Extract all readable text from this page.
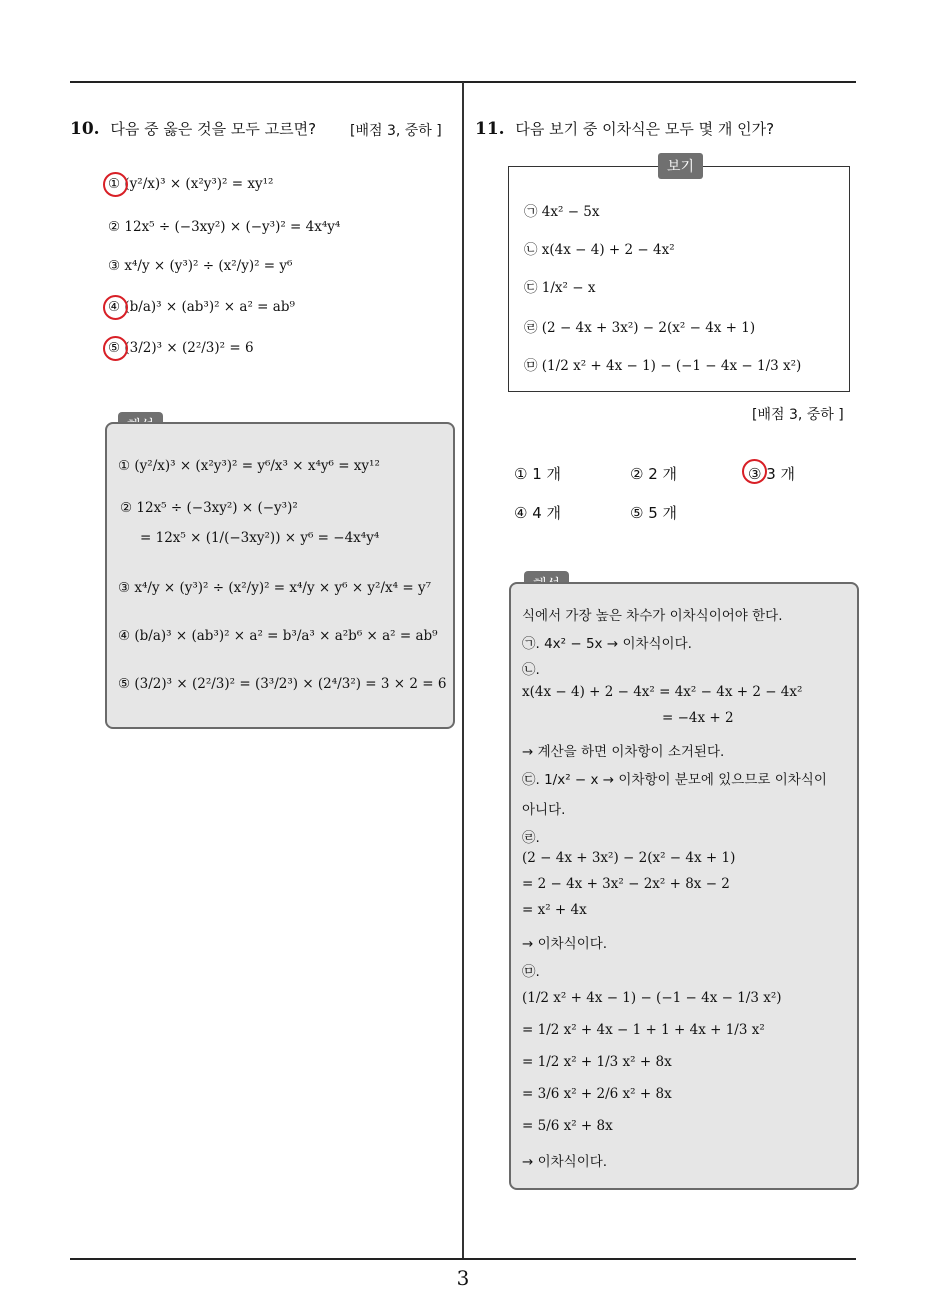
10. 다음 중 옳은 것을 모두 고르면? [배점 3, 중하 ]
① (y²/x)³ × (x²y³)² = xy¹²
② 12x⁵ ÷ (−3xy²) × (−y³)² = 4x⁴y⁴
③ x⁴/y × (y³)² ÷ (x²/y)² = y⁶
④ (b/a)³ × (ab³)² × a² = ab⁹
⑤ (3/2)³ × (2²/3)² = 6
① (y²/x)³ × (x²y³)² = y⁶/x³ × x⁴y⁶ = xy¹²
② 12x⁵ ÷ (−3xy²) × (−y³)²
= 12x⁵ × (1/(−3xy²)) × y⁶ = −4x⁴y⁴
③ x⁴/y × (y³)² ÷ (x²/y)² = x⁴/y × y⁶ × y²/x⁴ = y⁷
④ (b/a)³ × (ab³)² × a² = b³/a³ × a²b⁶ × a² = ab⁹
⑤ (3/2)³ × (2²/3)² = (3³/2³) × (2⁴/3²) = 3 × 2 = 6
11. 다음 보기 중 이차식은 모두 몇 개 인가?
보기
㉠ 4x² − 5x
㉡ x(4x − 4) + 2 − 4x²
㉢ 1/x² − x
㉣ (2 − 4x + 3x²) − 2(x² − 4x + 1)
㉤ (1/2 x² + 4x − 1) − (−1 − 4x − 1/3 x²)
[배점 3, 중하 ]
① 1 개	② 2 개	③ 3 개
④ 4 개	⑤ 5 개
식에서 가장 높은 차수가 이차식이어야 한다.
㉠. 4x² − 5x → 이차식이다.
㉡.
x(4x − 4) + 2 − 4x² = 4x² − 4x + 2 − 4x²
= −4x + 2
→ 계산을 하면 이차항이 소거된다.
㉢. 1/x² − x → 이차항이 분모에 있으므로 이차식이
아니다.
㉣.
(2 − 4x + 3x²) − 2(x² − 4x + 1)
= 2 − 4x + 3x² − 2x² + 8x − 2
= x² + 4x
→ 이차식이다.
㉤.
(1/2 x² + 4x − 1) − (−1 − 4x − 1/3 x²)
= 1/2 x² + 4x − 1 + 1 + 4x + 1/3 x²
= 1/2 x² + 1/3 x² + 8x
= 3/6 x² + 2/6 x² + 8x
= 5/6 x² + 8x
→ 이차식이다.
3
